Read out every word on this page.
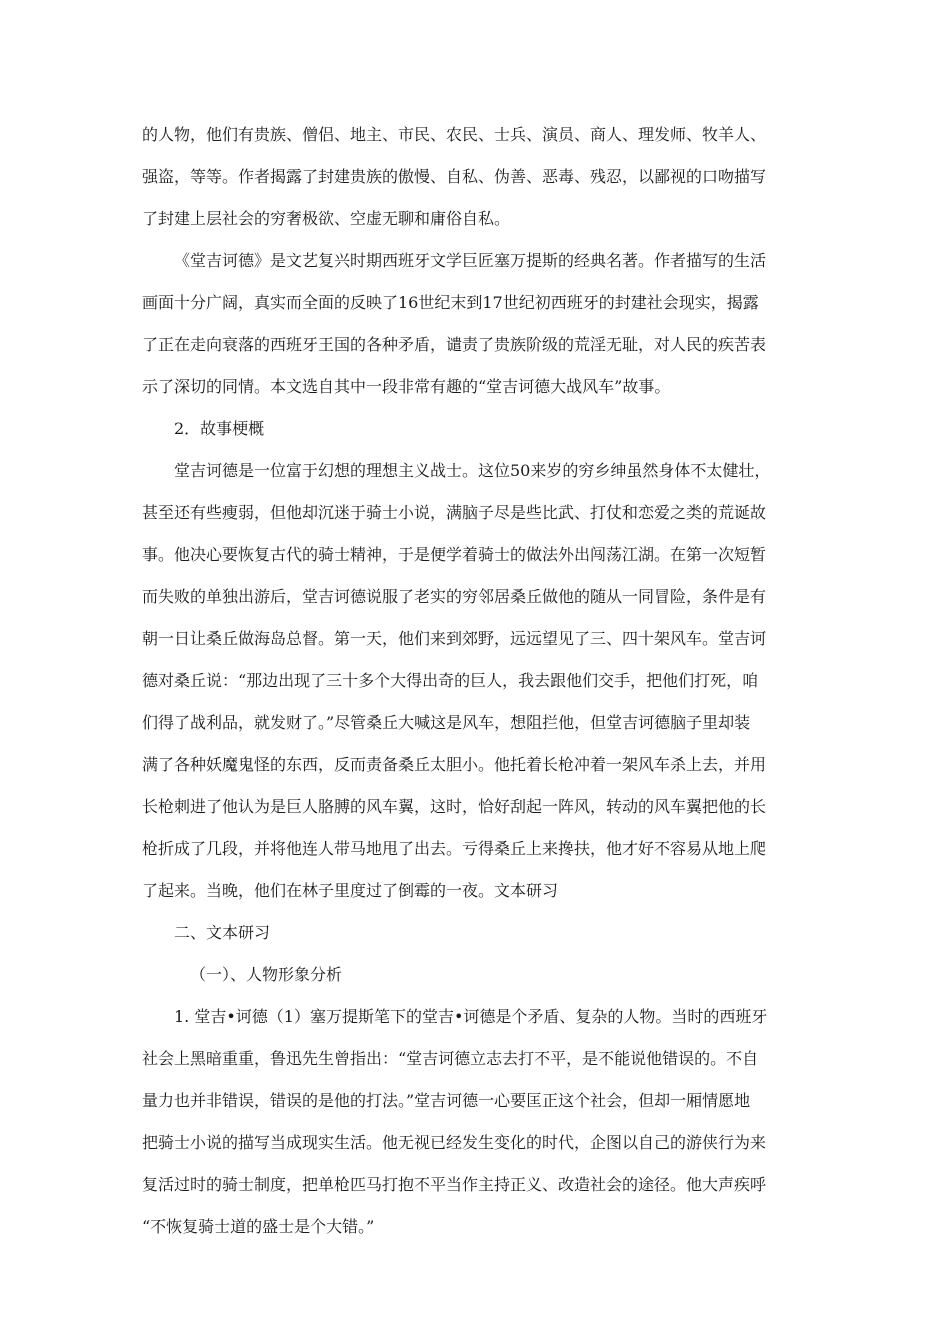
的人物，他们有贵族、僧侣、地主、市民、农民、士兵、演员、商人、理发师、牧羊人、
强盗，等等。作者揭露了封建贵族的傲慢、自私、伪善、恶毒、残忍，以鄙视的口吻描写
了封建上层社会的穷奢极欲、空虚无聊和庸俗自私。
《堂吉诃德》是文艺复兴时期西班牙文学巨匠塞万提斯的经典名著。作者描写的生活
画面十分广阔，真实而全面的反映了16世纪末到17世纪初西班牙的封建社会现实，揭露
了正在走向衰落的西班牙王国的各种矛盾，谴责了贵族阶级的荒淫无耻，对人民的疾苦表
示了深切的同情。本文选自其中一段非常有趣的“堂吉诃德大战风车”故事。
2．故事梗概
堂吉诃德是一位富于幻想的理想主义战士。这位50来岁的穷乡绅虽然身体不太健壮，
甚至还有些瘦弱，但他却沉迷于骑士小说，满脑子尽是些比武、打仗和恋爱之类的荒诞故
事。他决心要恢复古代的骑士精神，于是便学着骑士的做法外出闯荡江湖。在第一次短暂
而失败的单独出游后，堂吉诃德说服了老实的穷邻居桑丘做他的随从一同冒险，条件是有
朝一日让桑丘做海岛总督。第一天，他们来到郊野，远远望见了三、四十架风车。堂吉诃
德对桑丘说：“那边出现了三十多个大得出奇的巨人，我去跟他们交手，把他们打死，咱
们得了战利品，就发财了。”尽管桑丘大喊这是风车，想阻拦他，但堂吉诃德脑子里却装
满了各种妖魔鬼怪的东西，反而责备桑丘太胆小。他托着长枪冲着一架风车杀上去，并用
长枪刺进了他认为是巨人胳膊的风车翼，这时，恰好刮起一阵风，转动的风车翼把他的长
枪折成了几段，并将他连人带马地甩了出去。亏得桑丘上来搀扶，他才好不容易从地上爬
了起来。当晚，他们在林子里度过了倒霉的一夜。文本研习
二、文本研习
（一）、人物形象分析
1. 堂吉•诃德（1）塞万提斯笔下的堂吉•诃德是个矛盾、复杂的人物。当时的西班牙
社会上黑暗重重，鲁迅先生曾指出：“堂吉诃德立志去打不平，是不能说他错误的。不自
量力也并非错误，错误的是他的打法。”堂吉诃德一心要匡正这个社会，但却一厢情愿地
把骑士小说的描写当成现实生活。他无视已经发生变化的时代，企图以自己的游侠行为来
复活过时的骑士制度，把单枪匹马打抱不平当作主持正义、改造社会的途径。他大声疾呼
“不恢复骑士道的盛士是个大错。”
